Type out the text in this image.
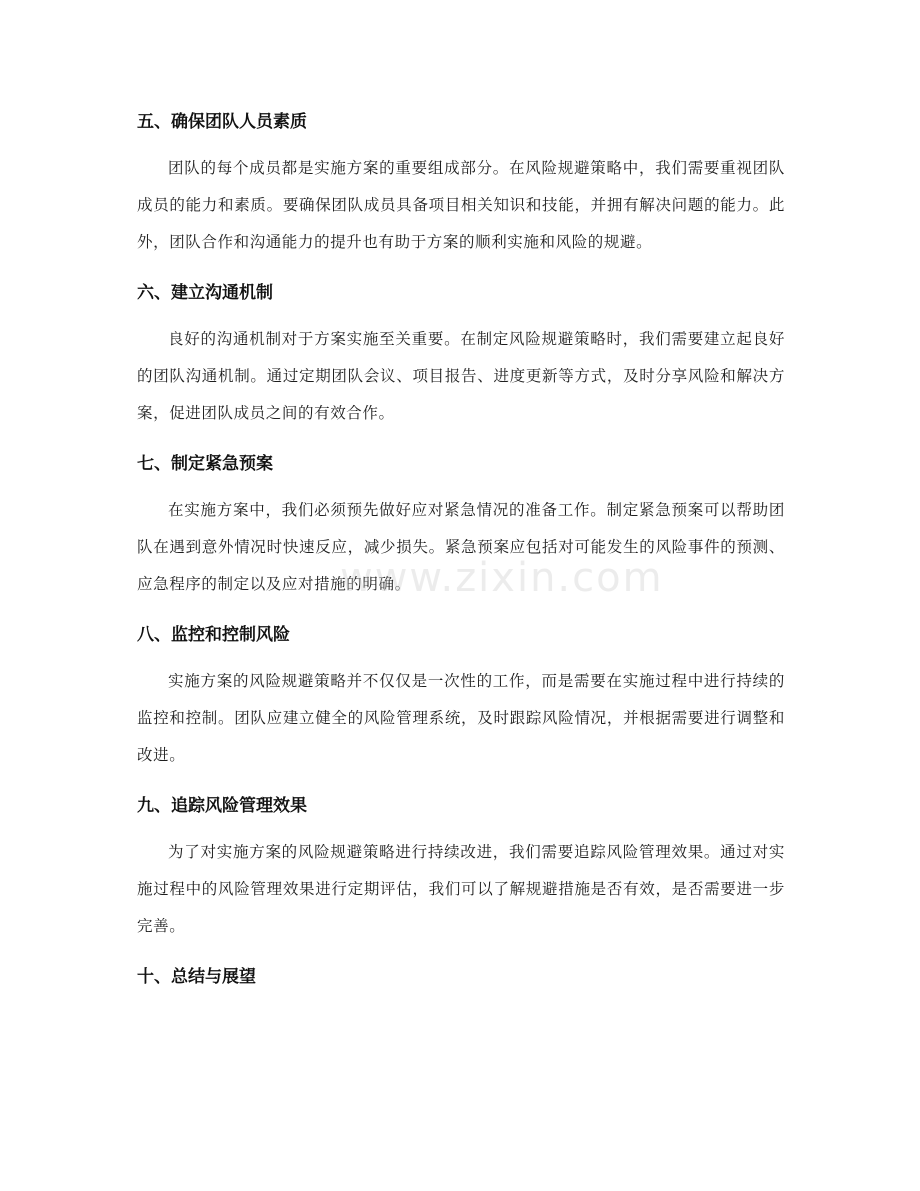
五、确保团队人员素质

团队的每个成员都是实施方案的重要组成部分。在风险规避策略中，我们需要重视团队成员的能力和素质。要确保团队成员具备项目相关知识和技能，并拥有解决问题的能力。此外，团队合作和沟通能力的提升也有助于方案的顺利实施和风险的规避。

六、建立沟通机制

良好的沟通机制对于方案实施至关重要。在制定风险规避策略时，我们需要建立起良好的团队沟通机制。通过定期团队会议、项目报告、进度更新等方式，及时分享风险和解决方案，促进团队成员之间的有效合作。

七、制定紧急预案

在实施方案中，我们必须预先做好应对紧急情况的准备工作。制定紧急预案可以帮助团队在遇到意外情况时快速反应，减少损失。紧急预案应包括对可能发生的风险事件的预测、应急程序的制定以及应对措施的明确。

八、监控和控制风险

实施方案的风险规避策略并不仅仅是一次性的工作，而是需要在实施过程中进行持续的监控和控制。团队应建立健全的风险管理系统，及时跟踪风险情况，并根据需要进行调整和改进。

九、追踪风险管理效果

为了对实施方案的风险规避策略进行持续改进，我们需要追踪风险管理效果。通过对实施过程中的风险管理效果进行定期评估，我们可以了解规避措施是否有效，是否需要进一步完善。

十、总结与展望
www.zixin.com
